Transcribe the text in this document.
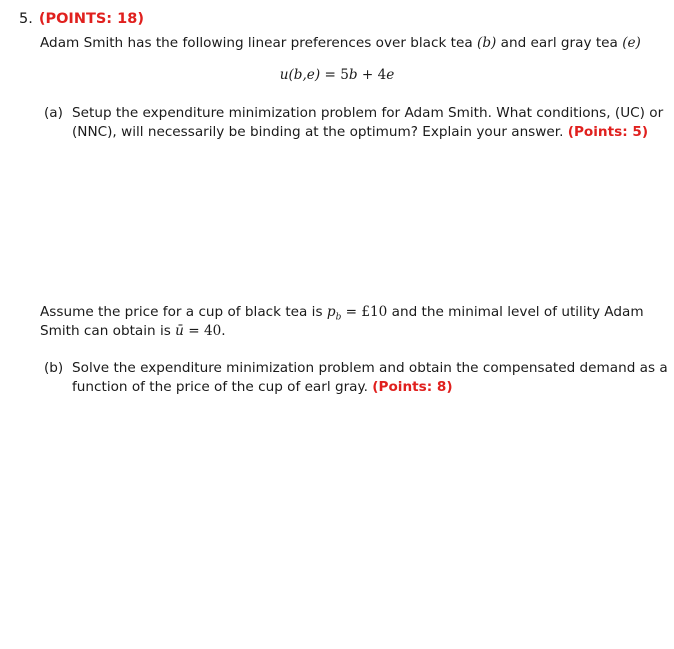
5. (POINTS: 18)
Adam Smith has the following linear preferences over black tea (b) and earl gray tea (e)
u(b,e) = 5b + 4e
(a) Setup the expenditure minimization problem for Adam Smith. What conditions, (UC) or
(NNC), will necessarily be binding at the optimum? Explain your answer. (Points: 5)
Assume the price for a cup of black tea is $p_b$ = £10 and the minimal level of utility Adam
Smith can obtain is ū = 40.
(b) Solve the expenditure minimization problem and obtain the compensated demand as a
function of the price of the cup of earl gray. (Points: 8)
